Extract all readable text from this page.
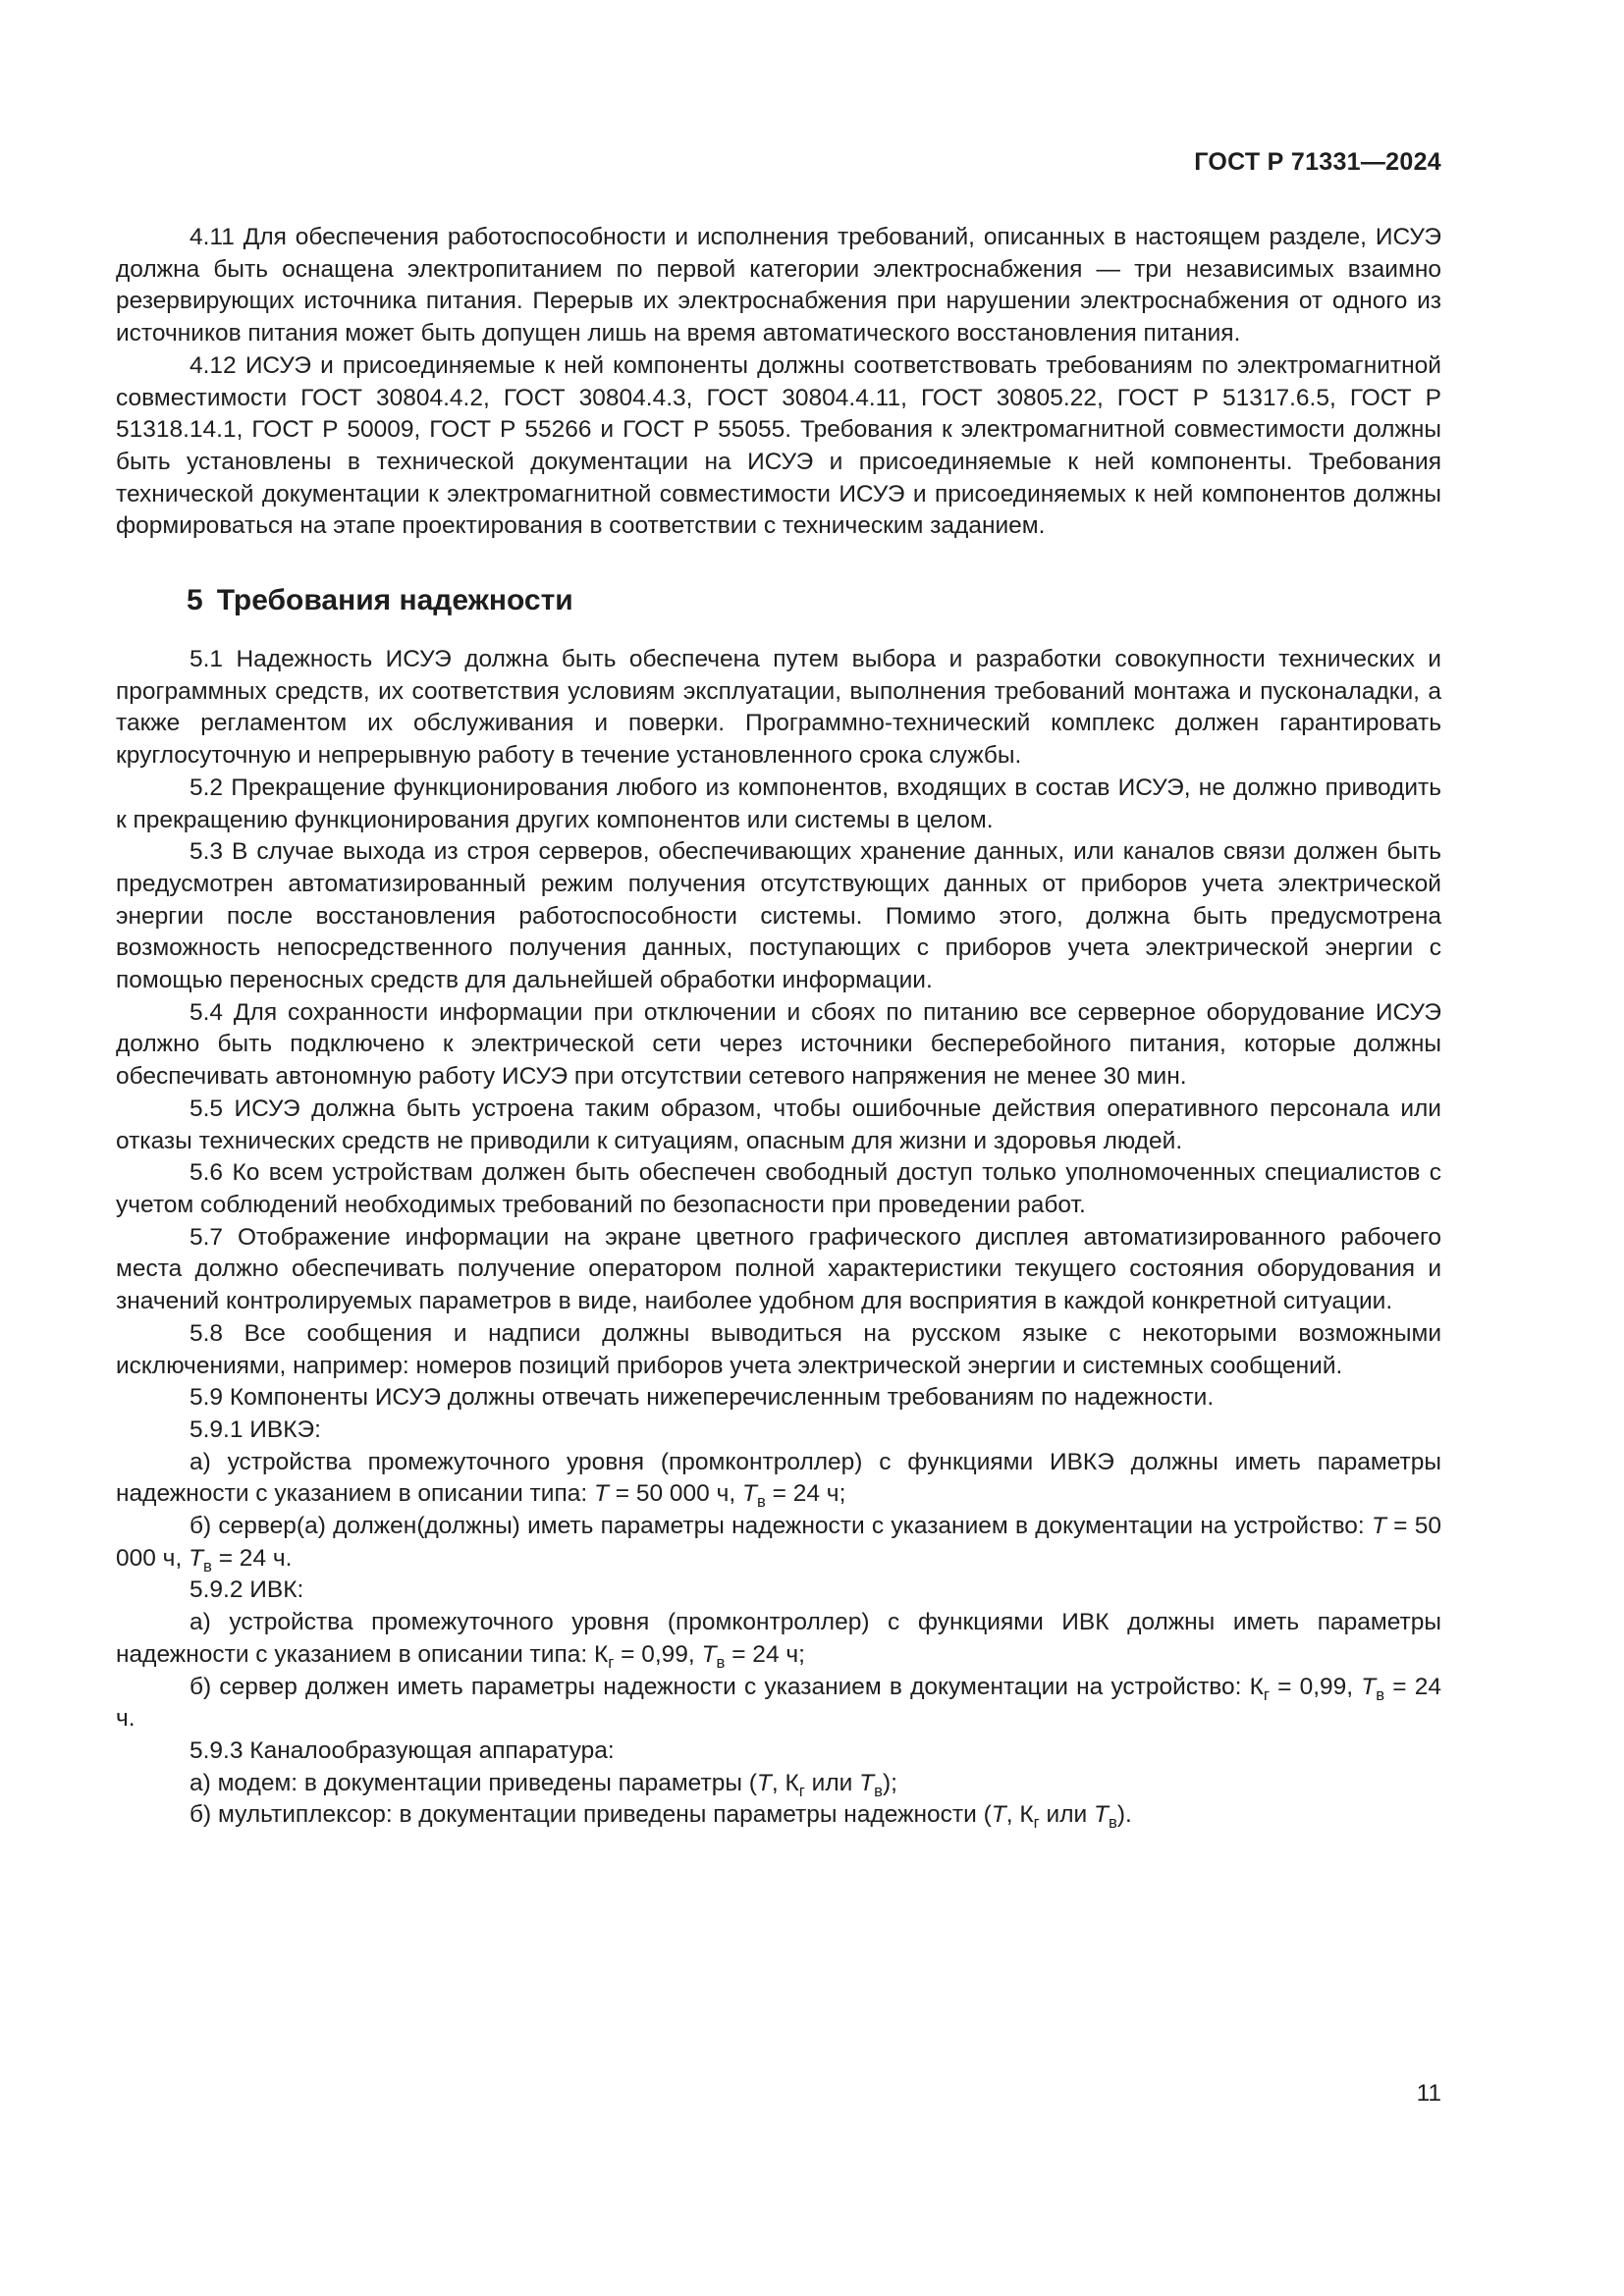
ГОСТ Р 71331—2024

4.11 Для обеспечения работоспособности и исполнения требований, описанных в настоящем разделе, ИСУЭ должна быть оснащена электропитанием по первой категории электроснабжения — три независимых взаимно резервирующих источника питания. Перерыв их электроснабжения при нарушении электроснабжения от одного из источников питания может быть допущен лишь на время автоматического восстановления питания.

4.12 ИСУЭ и присоединяемые к ней компоненты должны соответствовать требованиям по электромагнитной совместимости ГОСТ 30804.4.2, ГОСТ 30804.4.3, ГОСТ 30804.4.11, ГОСТ 30805.22, ГОСТ Р 51317.6.5, ГОСТ Р 51318.14.1, ГОСТ Р 50009, ГОСТ Р 55266 и ГОСТ Р 55055. Требования к электромагнитной совместимости должны быть установлены в технической документации на ИСУЭ и присоединяемые к ней компоненты. Требования технической документации к электромагнитной совместимости ИСУЭ и присоединяемых к ней компонентов должны формироваться на этапе проектирования в соответствии с техническим заданием.

5 Требования надежности

5.1 Надежность ИСУЭ должна быть обеспечена путем выбора и разработки совокупности технических и программных средств, их соответствия условиям эксплуатации, выполнения требований монтажа и пусконаладки, а также регламентом их обслуживания и поверки. Программно-технический комплекс должен гарантировать круглосуточную и непрерывную работу в течение установленного срока службы.

5.2 Прекращение функционирования любого из компонентов, входящих в состав ИСУЭ, не должно приводить к прекращению функционирования других компонентов или системы в целом.

5.3 В случае выхода из строя серверов, обеспечивающих хранение данных, или каналов связи должен быть предусмотрен автоматизированный режим получения отсутствующих данных от приборов учета электрической энергии после восстановления работоспособности системы. Помимо этого, должна быть предусмотрена возможность непосредственного получения данных, поступающих с приборов учета электрической энергии с помощью переносных средств для дальнейшей обработки информации.

5.4 Для сохранности информации при отключении и сбоях по питанию все серверное оборудование ИСУЭ должно быть подключено к электрической сети через источники бесперебойного питания, которые должны обеспечивать автономную работу ИСУЭ при отсутствии сетевого напряжения не менее 30 мин.

5.5 ИСУЭ должна быть устроена таким образом, чтобы ошибочные действия оперативного персонала или отказы технических средств не приводили к ситуациям, опасным для жизни и здоровья людей.

5.6 Ко всем устройствам должен быть обеспечен свободный доступ только уполномоченных специалистов с учетом соблюдений необходимых требований по безопасности при проведении работ.

5.7 Отображение информации на экране цветного графического дисплея автоматизированного рабочего места должно обеспечивать получение оператором полной характеристики текущего состояния оборудования и значений контролируемых параметров в виде, наиболее удобном для восприятия в каждой конкретной ситуации.

5.8 Все сообщения и надписи должны выводиться на русском языке с некоторыми возможными исключениями, например: номеров позиций приборов учета электрической энергии и системных сообщений.

5.9 Компоненты ИСУЭ должны отвечать нижеперечисленным требованиям по надежности.

5.9.1 ИВКЭ:

а) устройства промежуточного уровня (промконтроллер) с функциями ИВКЭ должны иметь параметры надежности с указанием в описании типа: T = 50 000 ч, $T_в = 24$ ч;

б) сервер(а) должен(должны) иметь параметры надежности с указанием в документации на устройство: T = 50 000 ч, $T_в = 24$ ч.

5.9.2 ИВК:

а) устройства промежуточного уровня (промконтроллер) с функциями ИВК должны иметь параметры надежности с указанием в описании типа: $К_г = 0,99$, $T_в = 24$ ч;

б) сервер должен иметь параметры надежности с указанием в документации на устройство: $К_г = 0,99$, $T_в = 24$ ч.

5.9.3 Каналообразующая аппаратура:

а) модем: в документации приведены параметры (T, $К_г$ или $T_в$);

б) мультиплексор: в документации приведены параметры надежности (T, $К_г$ или $T_в$).

11
